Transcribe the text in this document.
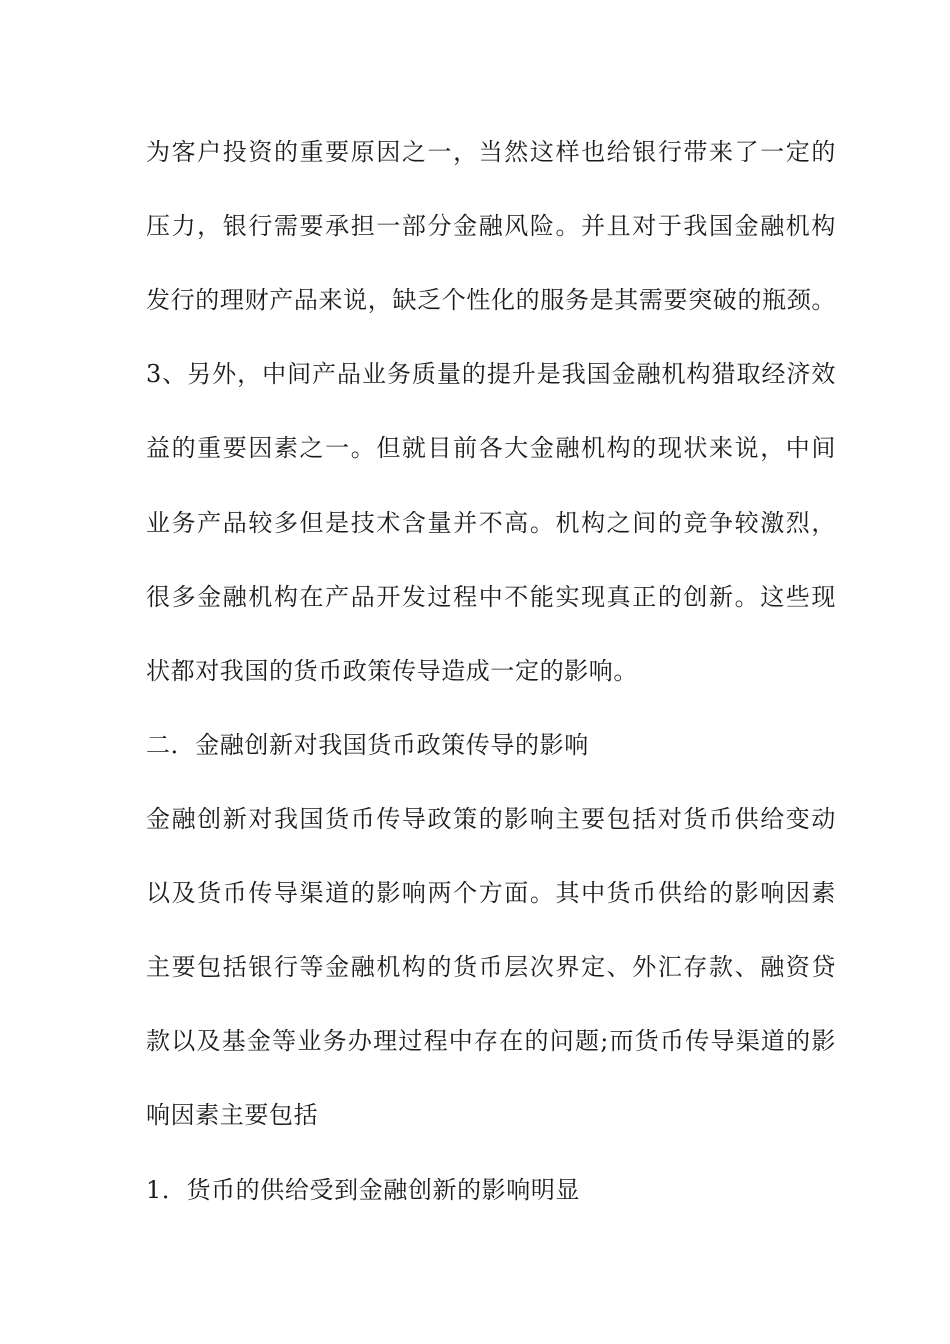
为客户投资的重要原因之一，当然这样也给银行带来了一定的
压力，银行需要承担一部分金融风险。并且对于我国金融机构
发行的理财产品来说，缺乏个性化的服务是其需要突破的瓶颈。
3、另外，中间产品业务质量的提升是我国金融机构猎取经济效
益的重要因素之一。但就目前各大金融机构的现状来说，中间
业务产品较多但是技术含量并不高。机构之间的竞争较激烈，
很多金融机构在产品开发过程中不能实现真正的创新。这些现
状都对我国的货币政策传导造成一定的影响。
二．金融创新对我国货币政策传导的影响
金融创新对我国货币传导政策的影响主要包括对货币供给变动
以及货币传导渠道的影响两个方面。其中货币供给的影响因素
主要包括银行等金融机构的货币层次界定、外汇存款、融资贷
款以及基金等业务办理过程中存在的问题;而货币传导渠道的影
响因素主要包括
1．货币的供给受到金融创新的影响明显
